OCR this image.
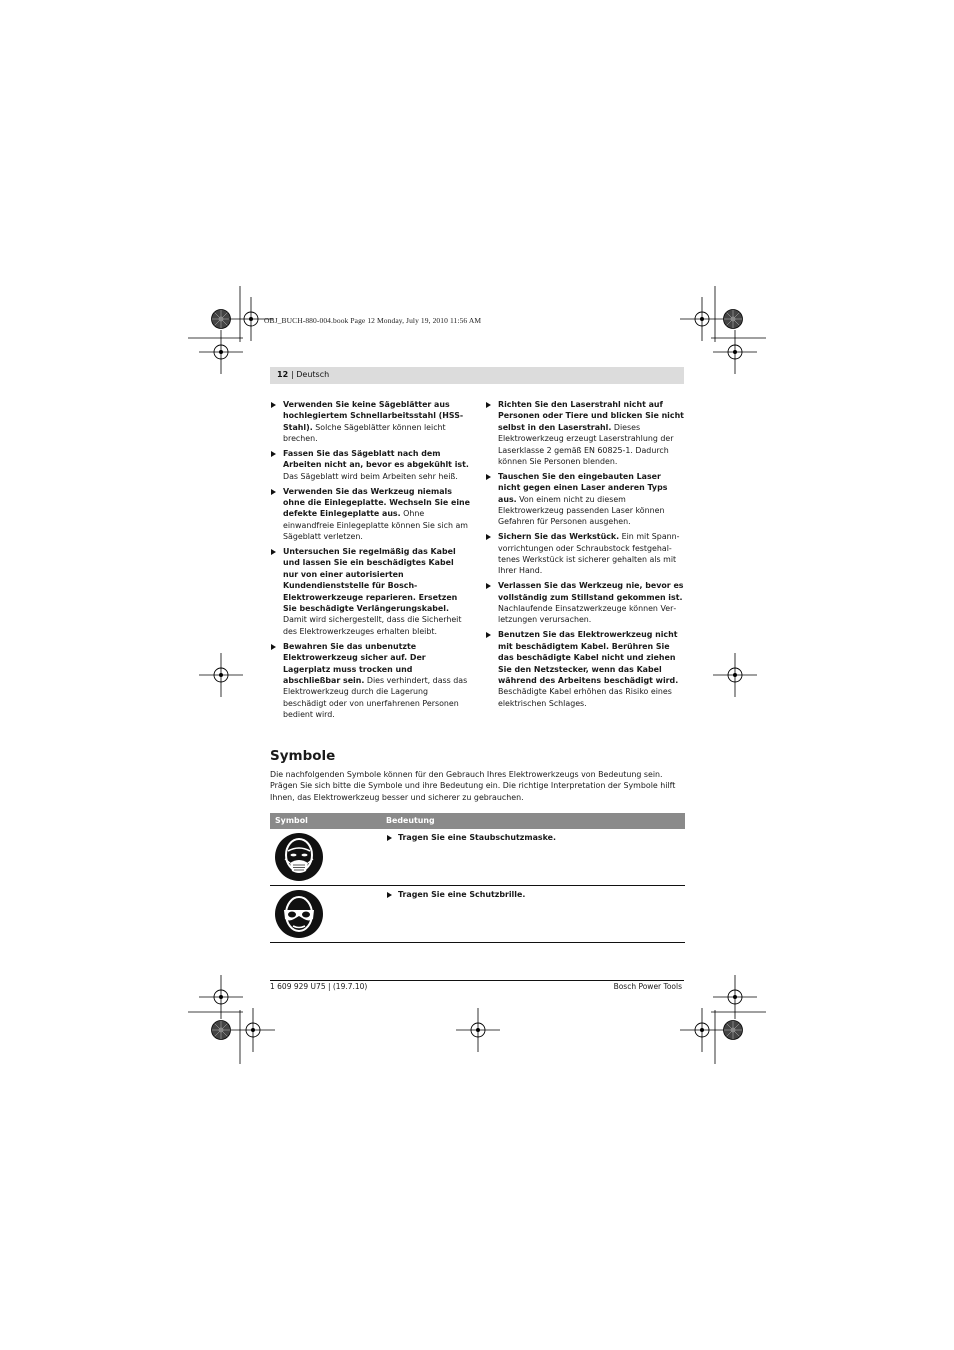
OBJ_BUCH-880-004.book Page 12 Monday, July 19, 2010 11:56 AM
12 | Deutsch
Verwenden Sie keine Sägeblätter aus hochlegiertem Schnellarbeitsstahl (HSS-Stahl). Solche Sägeblätter können leicht brechen.
Fassen Sie das Sägeblatt nach dem Arbeiten nicht an, bevor es abgekühlt ist. Das Sägeblatt wird beim Arbeiten sehr heiß.
Verwenden Sie das Werkzeug niemals ohne die Einlegeplatte. Wechseln Sie eine defekte Einlegeplatte aus. Ohne einwandfreie Einlegeplatte können Sie sich am Sägeblatt verletzen.
Untersuchen Sie regelmäßig das Kabel und lassen Sie ein beschädigtes Kabel nur von einer autorisierten Kundendienststelle für Bosch-Elektrowerkzeuge reparieren. Ersetzen Sie beschädigte Verlängerungskabel. Damit wird sichergestellt, dass die Sicherheit des Elektrowerkzeuges erhalten bleibt.
Bewahren Sie das unbenutzte Elektrowerkzeug sicher auf. Der Lagerplatz muss trocken und abschließbar sein. Dies verhindert, dass das Elektrowerkzeug durch die Lagerung beschädigt oder von unerfahrenen Personen bedient wird.
Richten Sie den Laserstrahl nicht auf Personen oder Tiere und blicken Sie nicht selbst in den Laserstrahl. Dieses Elektrowerkzeug erzeugt Laserstrahlung der Laserklasse 2 gemäß EN 60825-1. Dadurch können Sie Personen blenden.
Tauschen Sie den eingebauten Laser nicht gegen einen Laser anderen Typs aus. Von einem nicht zu diesem Elektrowerkzeug passenden Laser können Gefahren für Personen ausgehen.
Sichern Sie das Werkstück. Ein mit Spannvorrichtungen oder Schraubstock festgehaltenes Werkstück ist sicherer gehalten als mit Ihrer Hand.
Verlassen Sie das Werkzeug nie, bevor es vollständig zum Stillstand gekommen ist. Nachlaufende Einsatzwerkzeuge können Verletzungen verursachen.
Benutzen Sie das Elektrowerkzeug nicht mit beschädigtem Kabel. Berühren Sie das beschädigte Kabel nicht und ziehen Sie den Netzstecker, wenn das Kabel während des Arbeitens beschädigt wird. Beschädigte Kabel erhöhen das Risiko eines elektrischen Schlages.
Symbole
Die nachfolgenden Symbole können für den Gebrauch Ihres Elektrowerkzeugs von Bedeutung sein. Prägen Sie sich bitte die Symbole und ihre Bedeutung ein. Die richtige Interpretation der Symbole hilft Ihnen, das Elektrowerkzeug besser und sicherer zu gebrauchen.
Symbol	Bedeutung
Tragen Sie eine Staubschutzmaske.
Tragen Sie eine Schutzbrille.
1 609 929 U75 | (19.7.10)	Bosch Power Tools
